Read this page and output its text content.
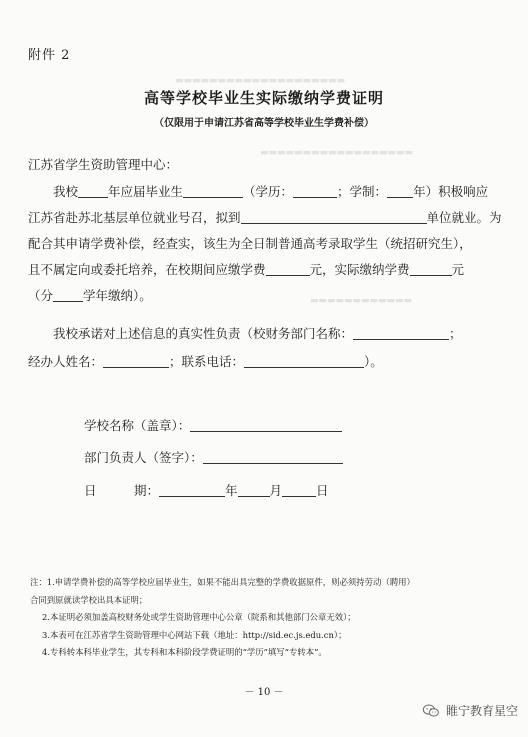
附件 2
▬▬▬▬▬▬▬▬▬▬▬▬▬▬▬▬▬▬▬▬
▬▬▬▬▬▬▬▬▬▬▬▬▬▬▬▬▬▬
▬▬▬▬▬▬▬▬▬▬▬▬
高等学校毕业生实际缴纳学费证明
（仅限用于申请江苏省高等学校毕业生学费补偿）
江苏省学生资助管理中心：
我校 年应届毕业生	（学历：	；学制： 年）积极响应
江苏省赴苏北基层单位就业号召，拟到	单位就业。为
配合其申请学费补偿，经查实，该生为全日制普通高考录取学生（统招研究生），
且不属定向或委托培养，在校期间应缴学费	元，实际缴纳学费	元
（分 学年缴纳）。
我校承诺对上述信息的真实性负责（校财务部门名称：	；
经办人姓名：	；联系电话：	）。
学校名称（盖章）：
部门负责人（签字）：
日　　　期：	年	月	日
注：1.申请学费补偿的高等学校应届毕业生，如果不能出具完整的学费收据原件，则必须持劳动（聘用）
合同到原就读学校出具本证明；
2.本证明必须加盖高校财务处或学生资助管理中心公章（院系和其他部门公章无效）；
3.本表可在江苏省学生资助管理中心网站下载（地址：http://sid.ec.js.edu.cn）；
4.专科转本科毕业学生，其专科和本科阶段学费证明的“学历”填写“专转本”。
－ 10 －
睢宁教育星空
